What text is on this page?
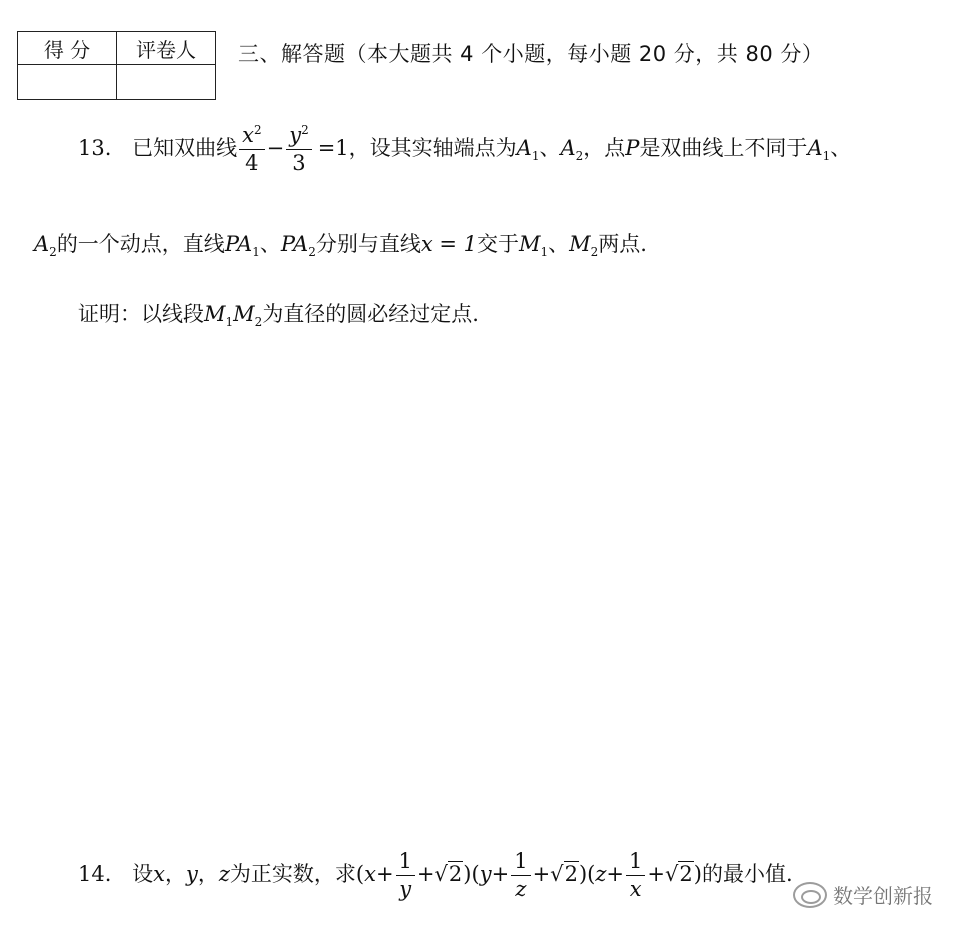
得 分	评卷人
	三、解答题（本大题共 4 个小题，每小题 20 分，共 80 分）
13. 已知双曲线 $\frac{x^2}{4} - \frac{y^2}{3} =1$，设其实轴端点为$A_1$、$A_2$，点P是双曲线上不同于$A_1$、
$A_2$的一个动点，直线$PA_1$、$PA_2$分别与直线x = 1交于$M_1$、$M_2$两点.
证明：以线段$M_1M_2$为直径的圆必经过定点.
14. 设x，y，z为正实数，求$(x+ \frac{1}{y} +√2)(y+ \frac{1}{z} +√2)(z+ \frac{1}{x} +√2)$的最小值.
数学创新报
